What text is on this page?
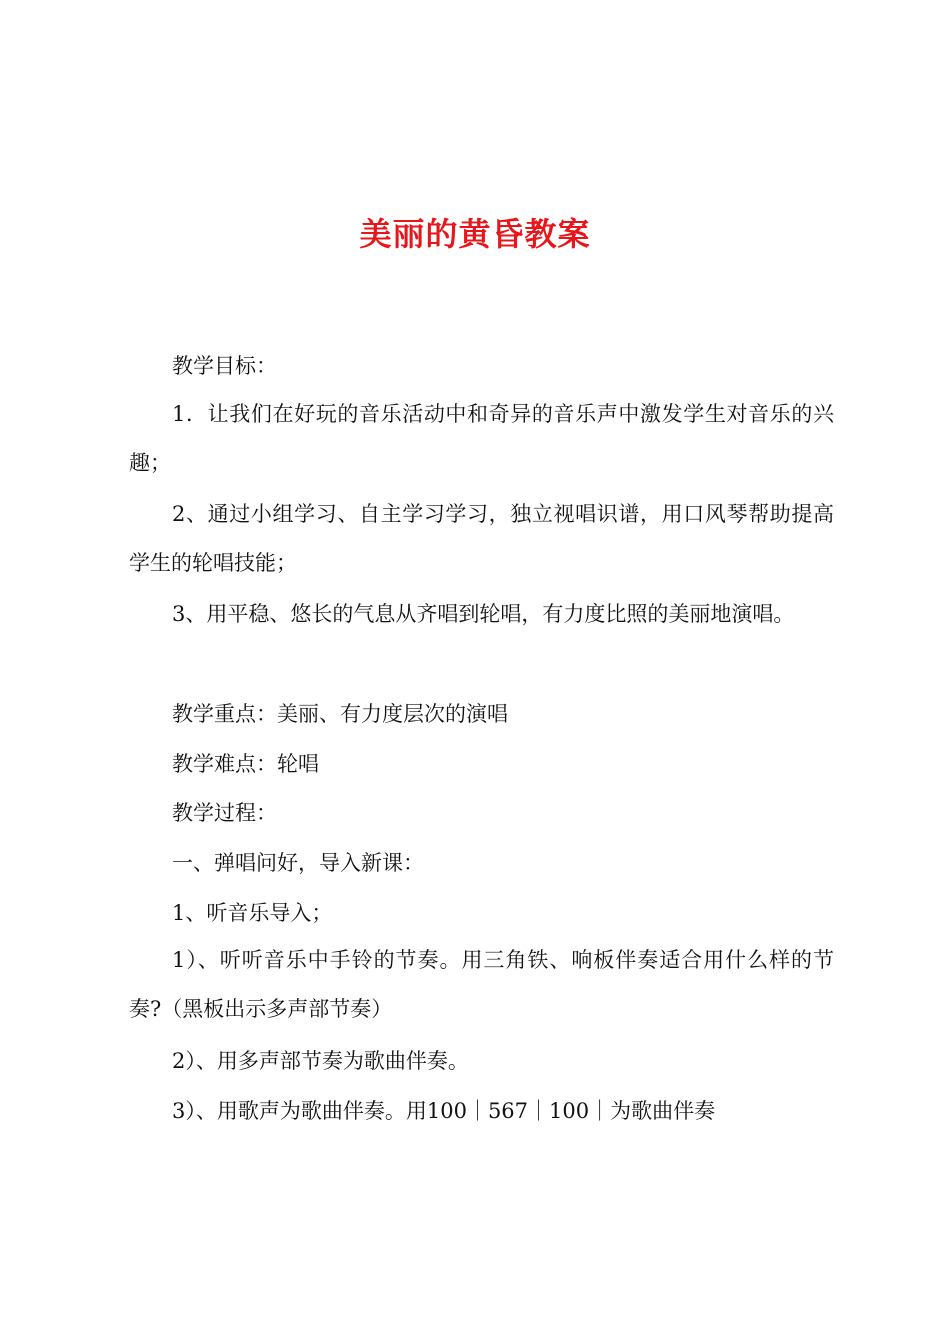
美丽的黄昏教案
教学目标：
1．让我们在好玩的音乐活动中和奇异的音乐声中激发学生对音乐的兴趣；
2、通过小组学习、自主学习学习，独立视唱识谱，用口风琴帮助提高学生的轮唱技能；
3、用平稳、悠长的气息从齐唱到轮唱，有力度比照的美丽地演唱。
教学重点：美丽、有力度层次的演唱
教学难点：轮唱
教学过程：
一、弹唱问好，导入新课：
1、听音乐导入；
1）、听听音乐中手铃的节奏。用三角铁、响板伴奏适合用什么样的节奏?（黑板出示多声部节奏）
2）、用多声部节奏为歌曲伴奏。
3）、用歌声为歌曲伴奏。用100｜567｜100｜为歌曲伴奏
